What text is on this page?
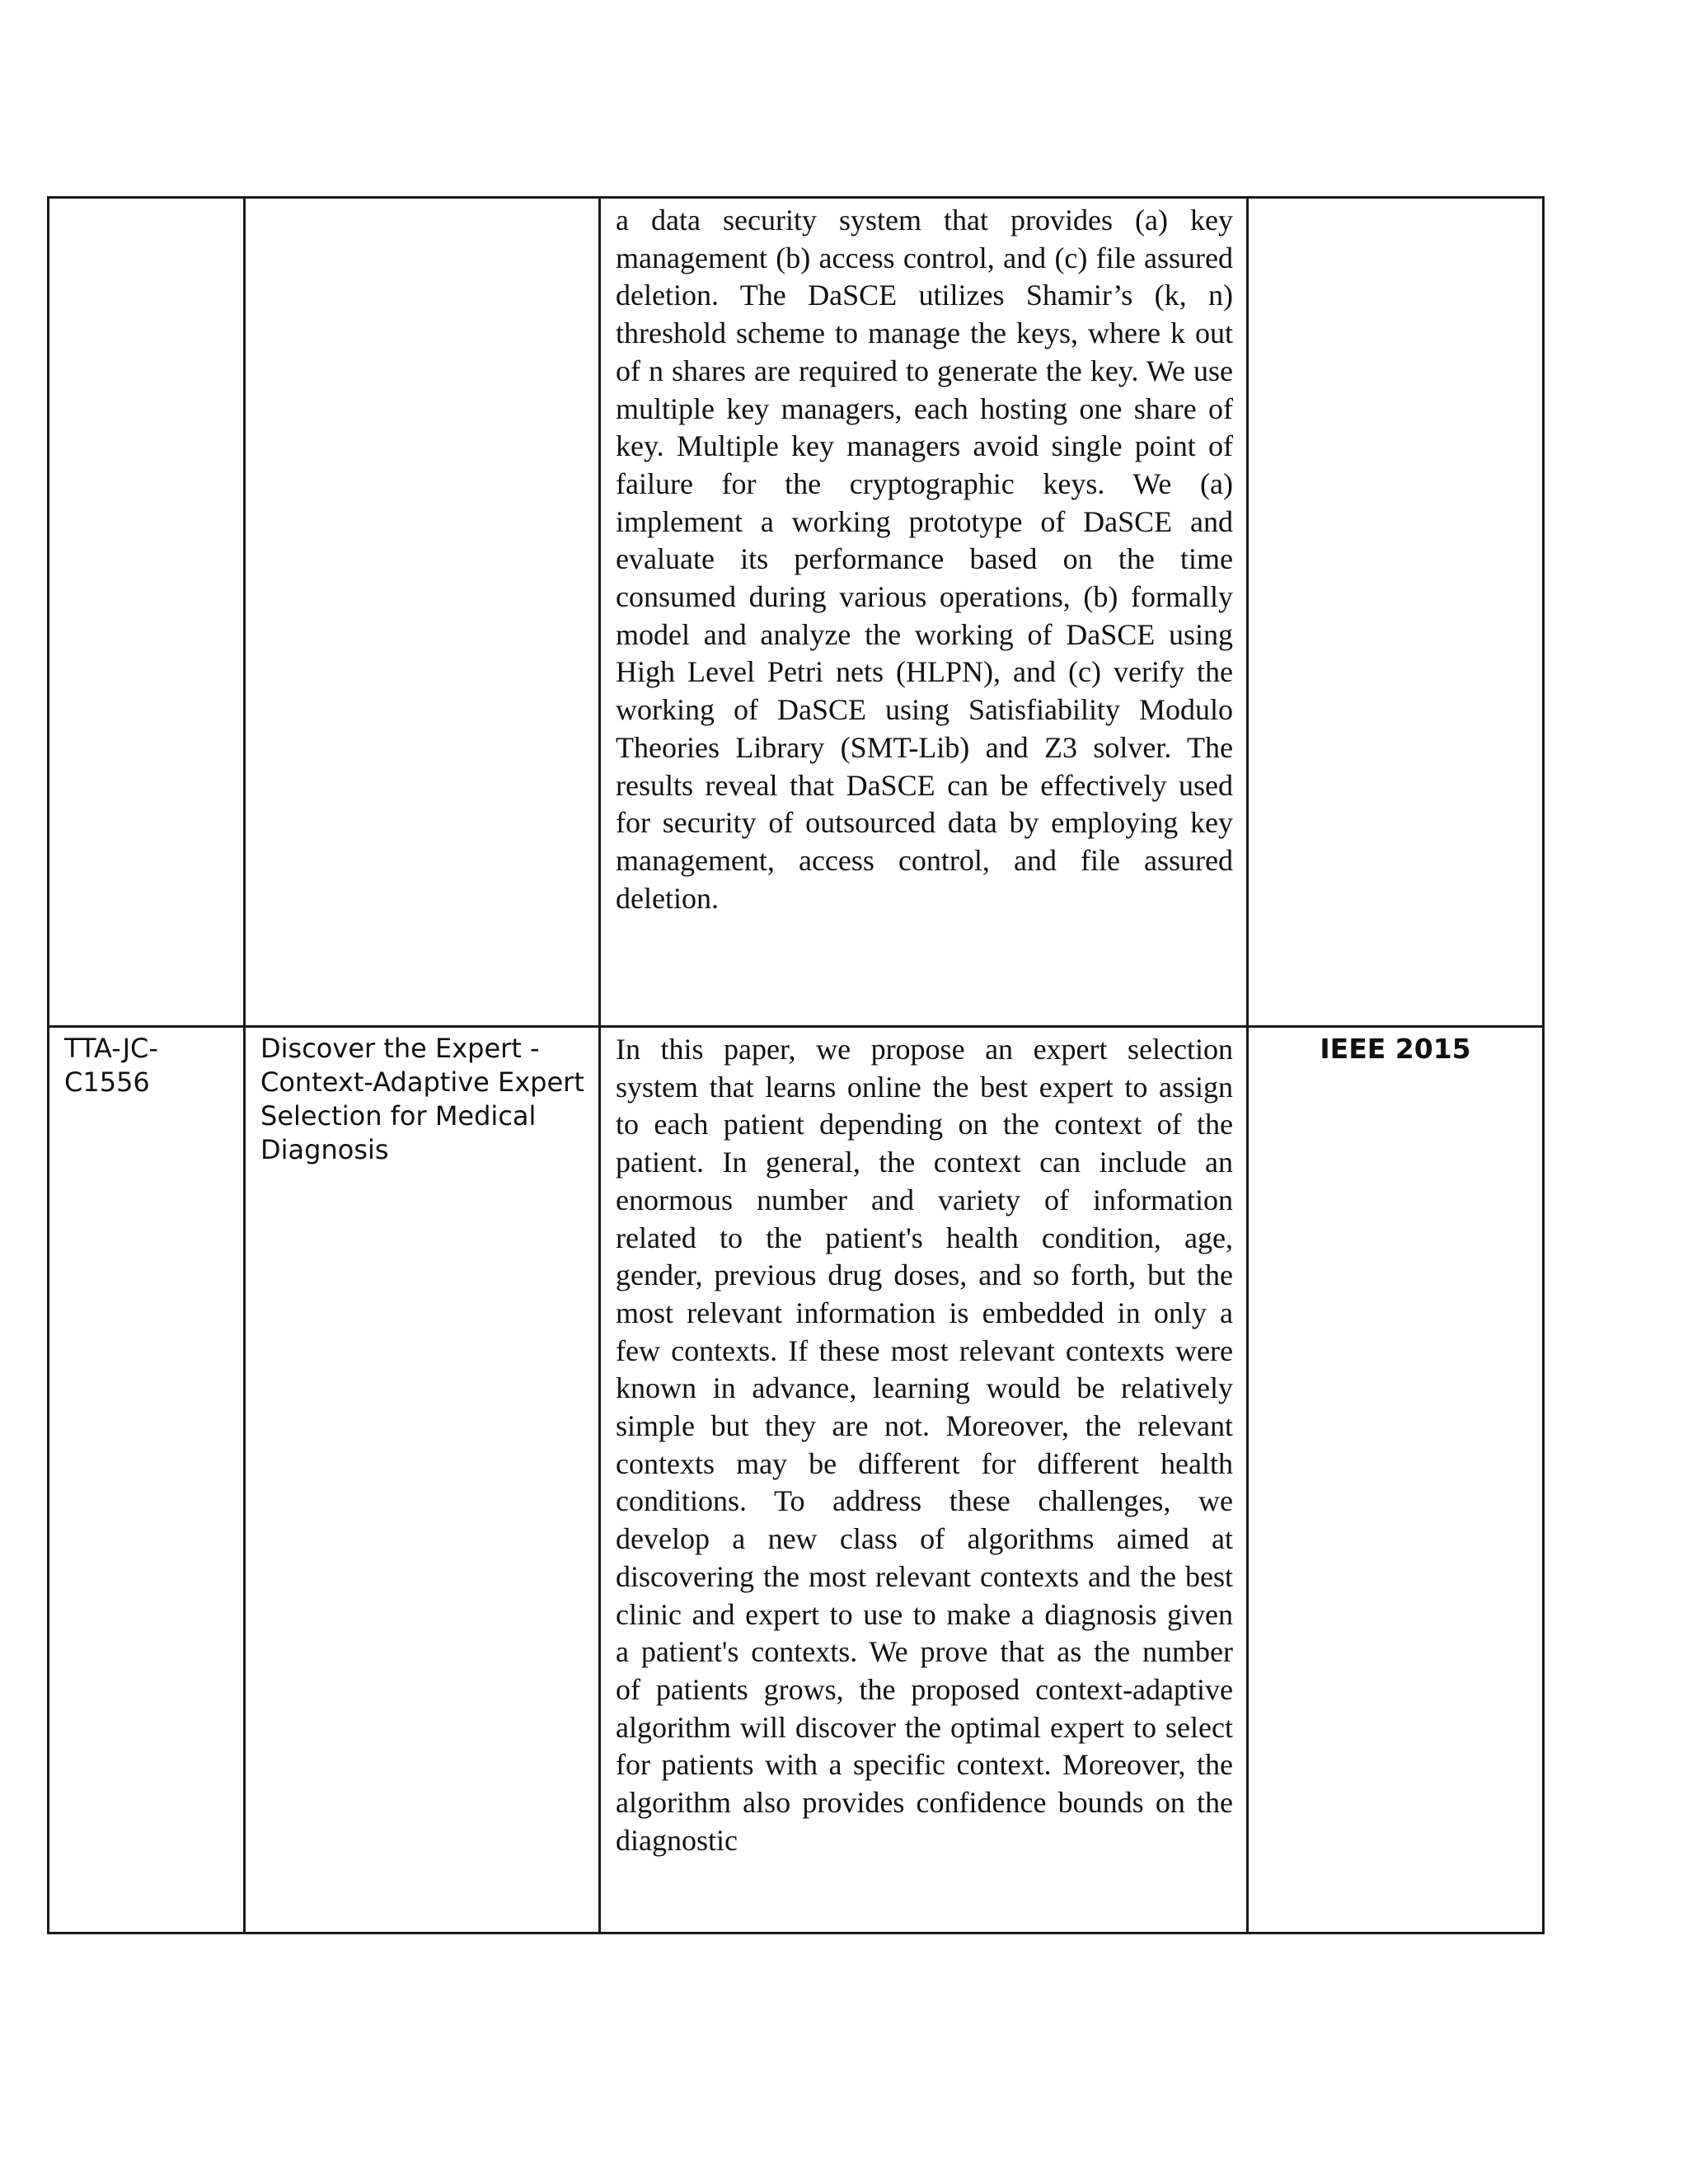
		a data security system that provides (a) key management (b) access control, and (c) file assured deletion. The DaSCE utilizes Shamir’s (k, n) threshold scheme to manage the keys, where k out of n shares are required to generate the key. We use multiple key managers, each hosting one share of key. Multiple key managers avoid single point of failure for the cryptographic keys. We (a) implement a working prototype of DaSCE and evaluate its performance based on the time consumed during various operations, (b) formally model and analyze the working of DaSCE using High Level Petri nets (HLPN), and (c) verify the working of DaSCE using Satisfiability Modulo Theories Library (SMT-Lib) and Z3 solver. The results reveal that DaSCE can be effectively used for security of outsourced data by employing key management, access control, and file assured deletion.	
TTA-JC-C1556	Discover the Expert - Context-Adaptive Expert Selection for Medical Diagnosis	In this paper, we propose an expert selection system that learns online the best expert to assign to each patient depending on the context of the patient. In general, the context can include an enormous number and variety of information related to the patient's health condition, age, gender, previous drug doses, and so forth, but the most relevant information is embedded in only a few contexts. If these most relevant contexts were known in advance, learning would be relatively simple but they are not. Moreover, the relevant contexts may be different for different health conditions. To address these challenges, we develop a new class of algorithms aimed at discovering the most relevant contexts and the best clinic and expert to use to make a diagnosis given a patient's contexts. We prove that as the number of patients grows, the proposed context-adaptive algorithm will discover the optimal expert to select for patients with a specific context. Moreover, the algorithm also provides confidence bounds on the diagnostic	IEEE 2015
